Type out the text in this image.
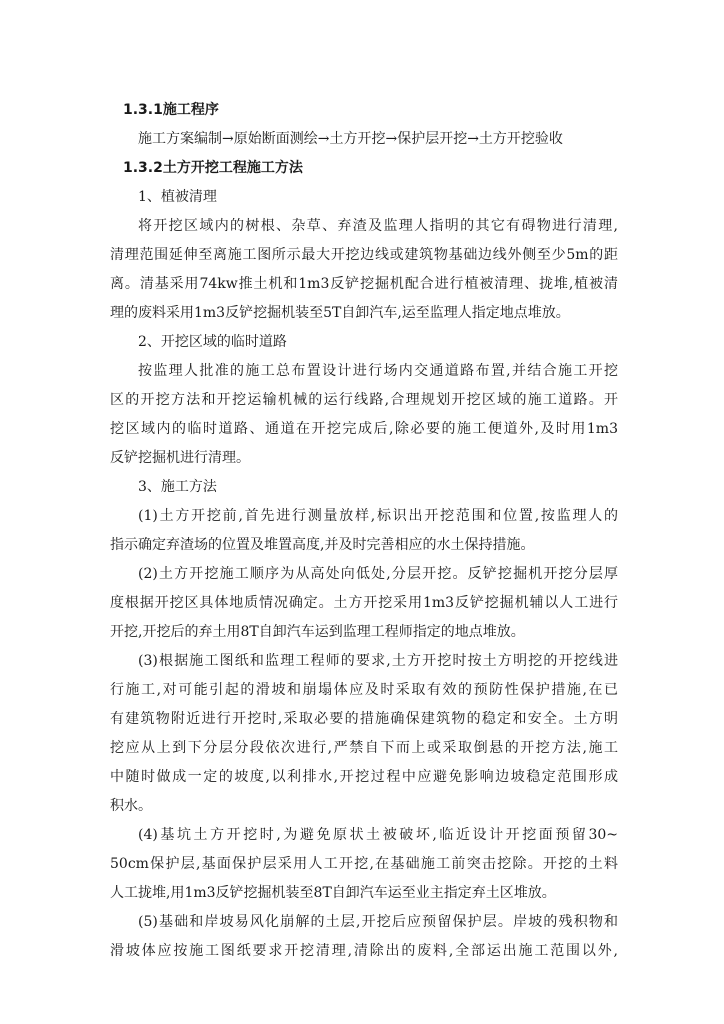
1.3.1施工程序
施工方案编制→原始断面测绘→土方开挖→保护层开挖→土方开挖验收
1.3.2土方开挖工程施工方法
1、植被清理
将开挖区域内的树根、杂草、弃渣及监理人指明的其它有碍物进行清理,
清理范围延伸至离施工图所示最大开挖边线或建筑物基础边线外侧至少5m的距
离。清基采用74kw推土机和1m3反铲挖掘机配合进行植被清理、拢堆,植被清
理的废料采用1m3反铲挖掘机装至5T自卸汽车,运至监理人指定地点堆放。
2、开挖区域的临时道路
按监理人批准的施工总布置设计进行场内交通道路布置,并结合施工开挖
区的开挖方法和开挖运输机械的运行线路,合理规划开挖区域的施工道路。开
挖区域内的临时道路、通道在开挖完成后,除必要的施工便道外,及时用1m3
反铲挖掘机进行清理。
3、施工方法
(1)土方开挖前,首先进行测量放样,标识出开挖范围和位置,按监理人的
指示确定弃渣场的位置及堆置高度,并及时完善相应的水土保持措施。
(2)土方开挖施工顺序为从高处向低处,分层开挖。反铲挖掘机开挖分层厚
度根据开挖区具体地质情况确定。土方开挖采用1m3反铲挖掘机辅以人工进行
开挖,开挖后的弃土用8T自卸汽车运到监理工程师指定的地点堆放。
(3)根据施工图纸和监理工程师的要求,土方开挖时按土方明挖的开挖线进
行施工,对可能引起的滑坡和崩塌体应及时采取有效的预防性保护措施,在已
有建筑物附近进行开挖时,采取必要的措施确保建筑物的稳定和安全。土方明
挖应从上到下分层分段依次进行,严禁自下而上或采取倒悬的开挖方法,施工
中随时做成一定的坡度,以利排水,开挖过程中应避免影响边坡稳定范围形成
积水。
(4)基坑土方开挖时,为避免原状土被破坏,临近设计开挖面预留30~
50cm保护层,基面保护层采用人工开挖,在基础施工前突击挖除。开挖的土料
人工拢堆,用1m3反铲挖掘机装至8T自卸汽车运至业主指定弃土区堆放。
(5)基础和岸坡易风化崩解的土层,开挖后应预留保护层。岸坡的残积物和
滑坡体应按施工图纸要求开挖清理,清除出的废料,全部运出施工范围以外,
